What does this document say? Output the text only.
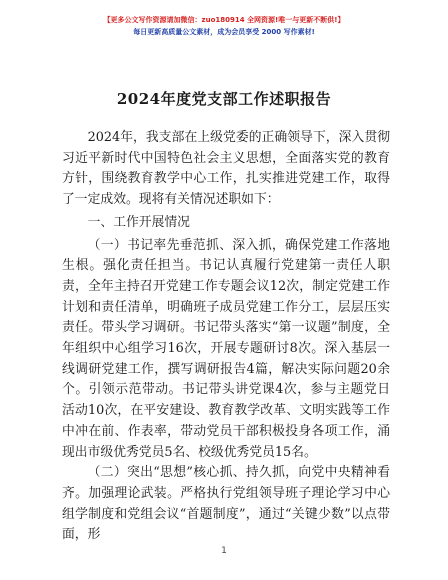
【更多公文写作资源请加微信：zuo180914 全网资源!唯一与更新不断供!】
每日更新高质量公文素材，成为会员享受 2000 写作素材!
2024年度党支部工作述职报告

2024年，我支部在上级党委的正确领导下，深入贯彻习近平新时代中国特色社会主义思想，全面落实党的教育方针，围绕教育教学中心工作，扎实推进党建工作，取得了一定成效。现将有关情况述职如下：

一、工作开展情况

（一）书记率先垂范抓、深入抓，确保党建工作落地生根。强化责任担当。书记认真履行党建第一责任人职责，全年主持召开党建工作专题会议12次，制定党建工作计划和责任清单，明确班子成员党建工作分工，层层压实责任。带头学习调研。书记带头落实“第一议题”制度，全年组织中心组学习16次，开展专题研讨8次。深入基层一线调研党建工作，撰写调研报告4篇，解决实际问题20余个。引领示范带动。书记带头讲党课4次，参与主题党日活动10次，在平安建设、教育教学改革、文明实践等工作中冲在前、作表率，带动党员干部积极投身各项工作，涌现出市级优秀党员5名、校级优秀党员15名。

（二）突出“思想”核心抓、持久抓，向党中央精神看齐。加强理论武装。严格执行党组领导班子理论学习中心组学制度和党组会议“首题制度”，通过“关键少数”以点带面，形

1
